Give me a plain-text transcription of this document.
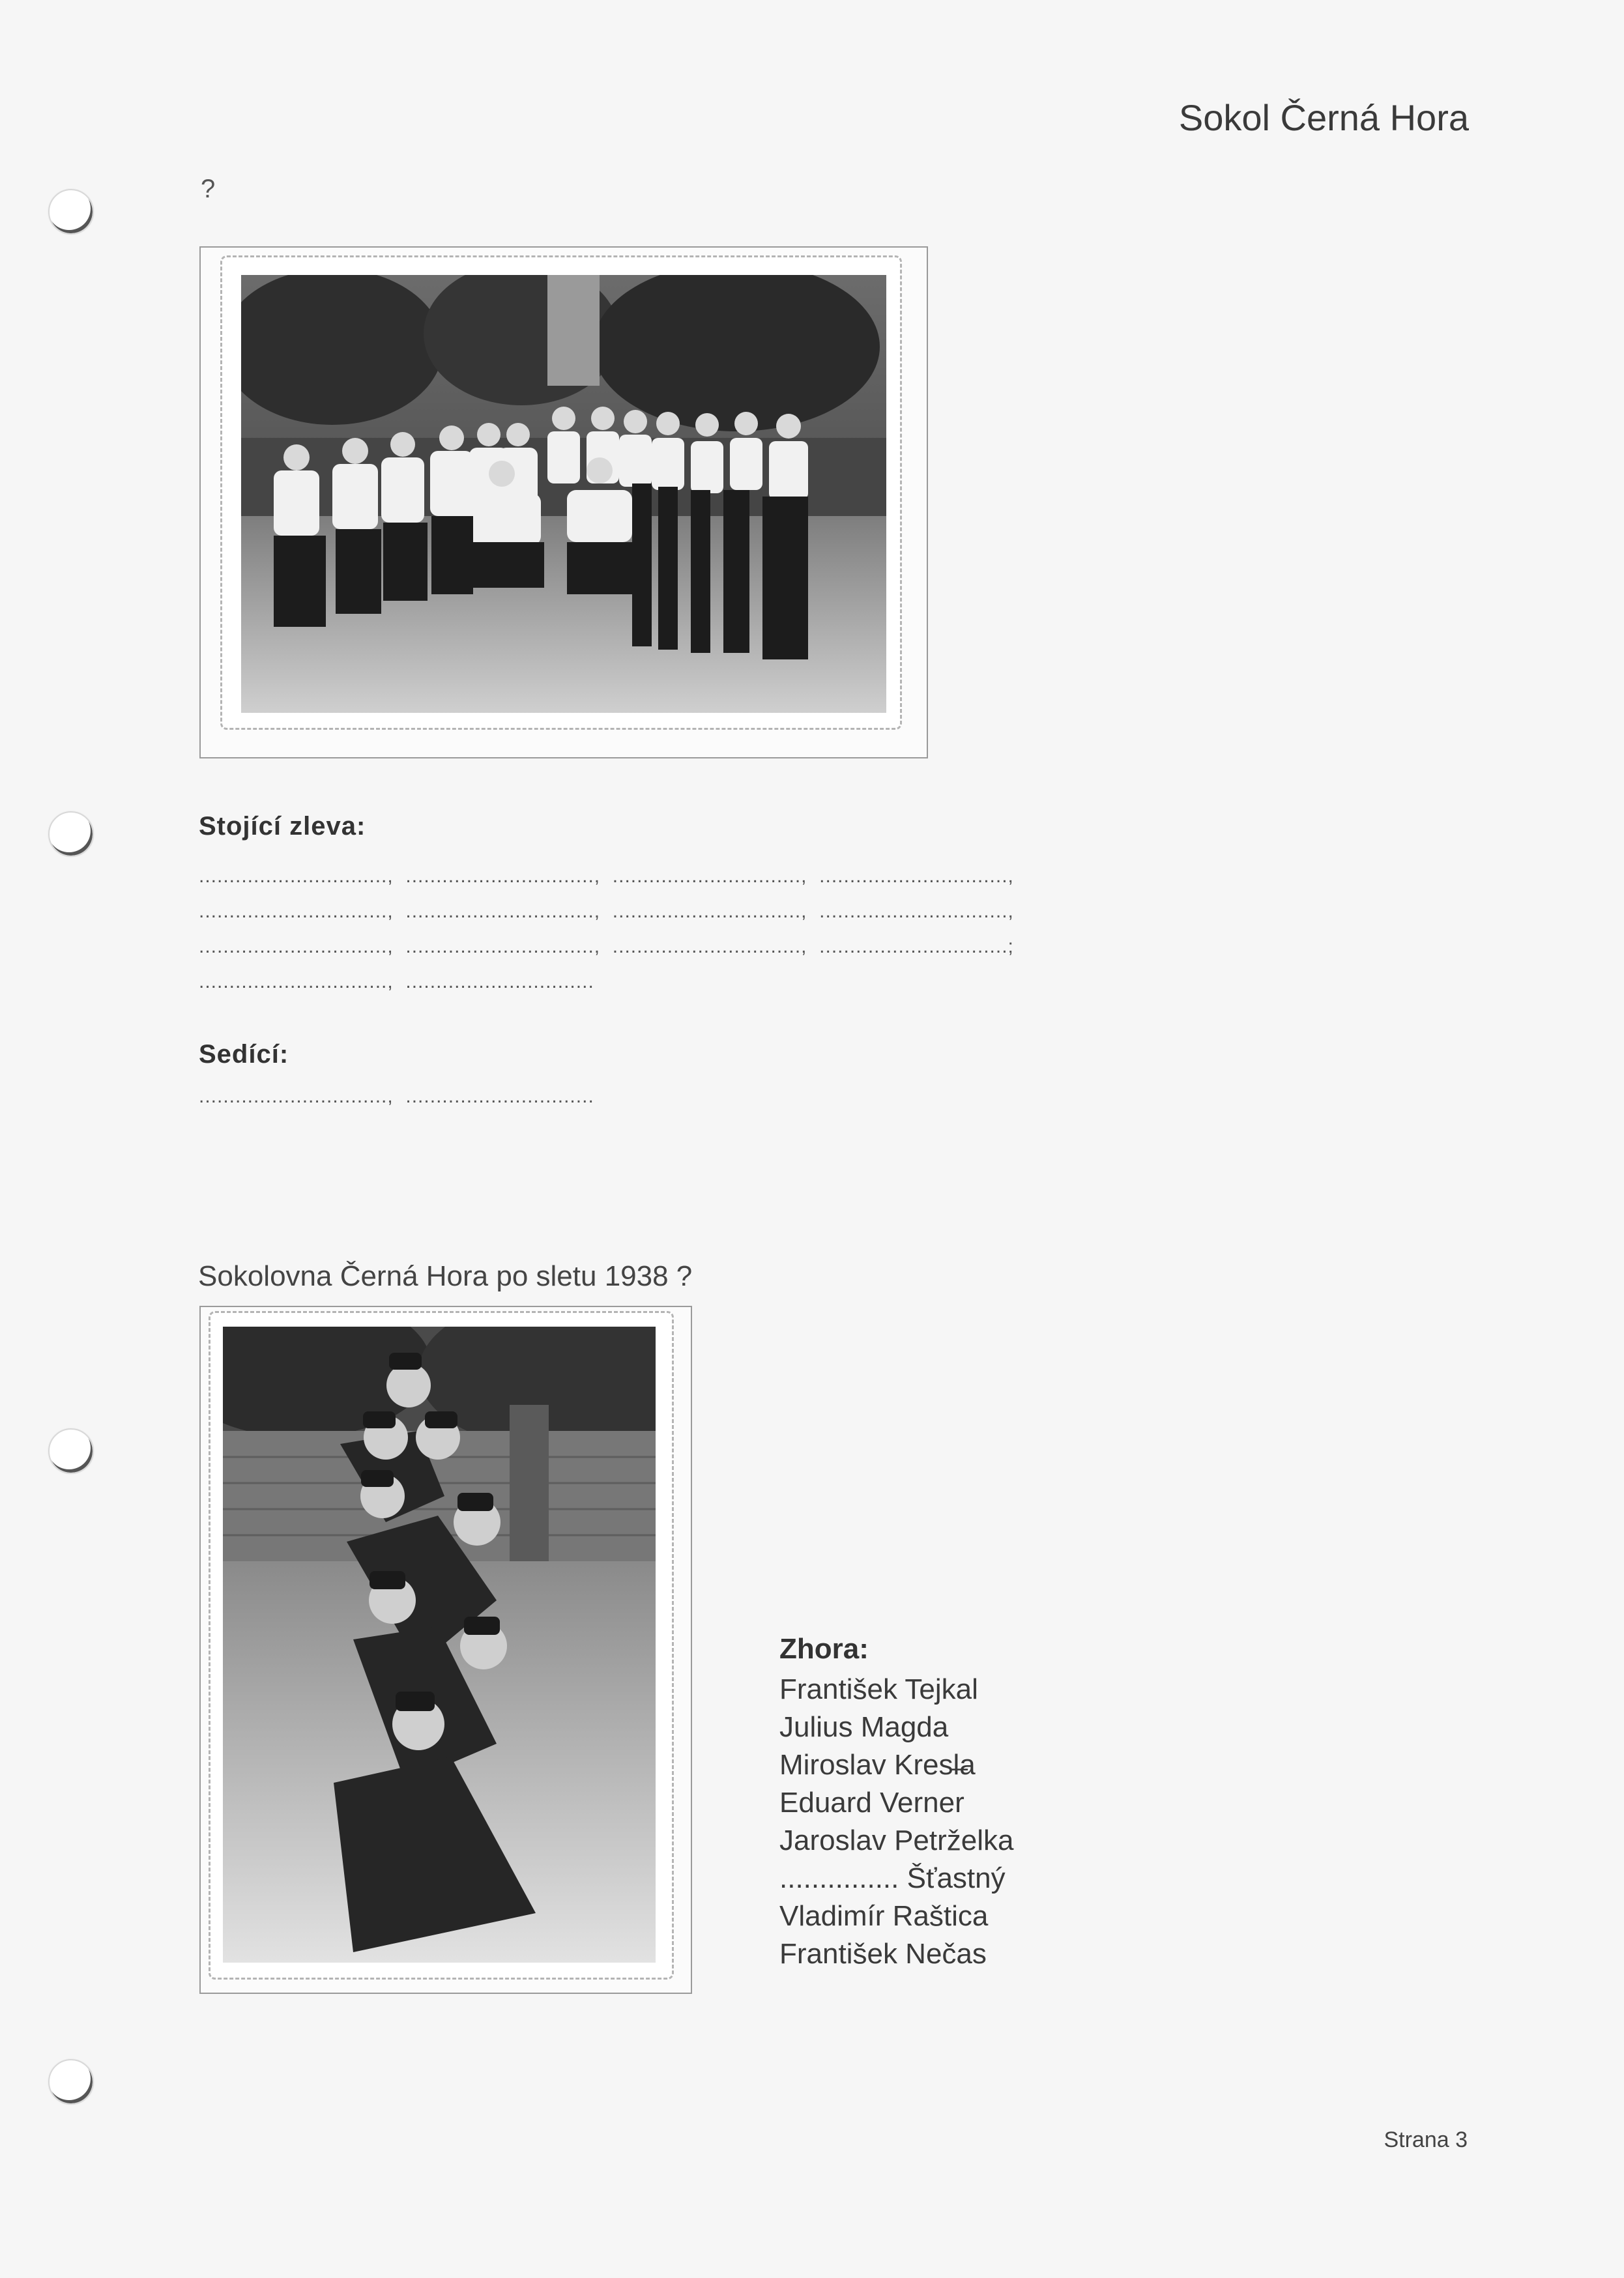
Sokol Černá Hora
?
Stojící zleva:
...............................,  ...............................,  ...............................,  ...............................,
...............................,  ...............................,  ...............................,  ...............................,
...............................,  ...............................,  ...............................,  ...............................;
...............................,  ...............................
Sedící:
...............................,  ...............................
Sokolovna Černá Hora po sletu 1938 ?
Zhora:
František Tejkal
Julius Magda
Miroslav Kresl̶a
Eduard Verner
Jaroslav Petrželka
............... Šťastný
Vladimír Raštica
František Nečas
Strana 3
